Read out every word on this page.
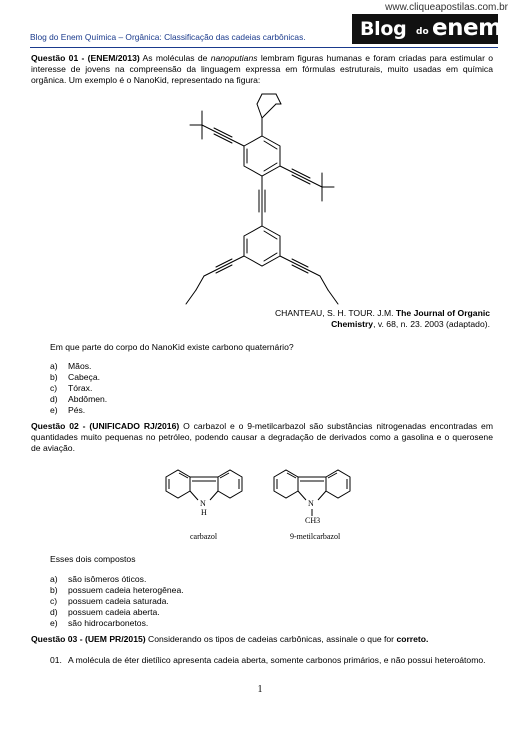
www.cliqueapostilas.com.br
Blog do Enem Química – Orgânica: Classificação das cadeias carbônicas.	Blog do enem
Questão 01 - (ENEM/2013) As moléculas de nanoputians lembram figuras humanas e foram criadas para estimular o interesse de jovens na compreensão da linguagem expressa em fórmulas estruturais, muito usadas em química orgânica. Um exemplo é o NanoKid, representado na figura:
CHANTEAU, S. H. TOUR. J.M. The Journal of Organic
Chemistry, v. 68, n. 23. 2003 (adaptado).
Em que parte do corpo do NanoKid existe carbono quaternário?
a) Mãos.
b) Cabeça.
c) Tórax.
d) Abdômen.
e) Pés.
Questão 02 - (UNIFICADO RJ/2016) O carbazol e o 9-metilcarbazol são substâncias nitrogenadas encontradas em quantidades muito pequenas no petróleo, podendo causar a degradação de derivados como a gasolina e o querosene de aviação.
N
H
N
CH3
carbazol	9-metilcarbazol
Esses dois compostos
a) são isômeros óticos.
b) possuem cadeia heterogênea.
c) possuem cadeia saturada.
d) possuem cadeia aberta.
e) são hidrocarbonetos.
Questão 03 - (UEM PR/2015) Considerando os tipos de cadeias carbônicas, assinale o que for correto.
01. A molécula de éter dietílico apresenta cadeia aberta, somente carbonos primários, e não possui heteroátomo.
1
